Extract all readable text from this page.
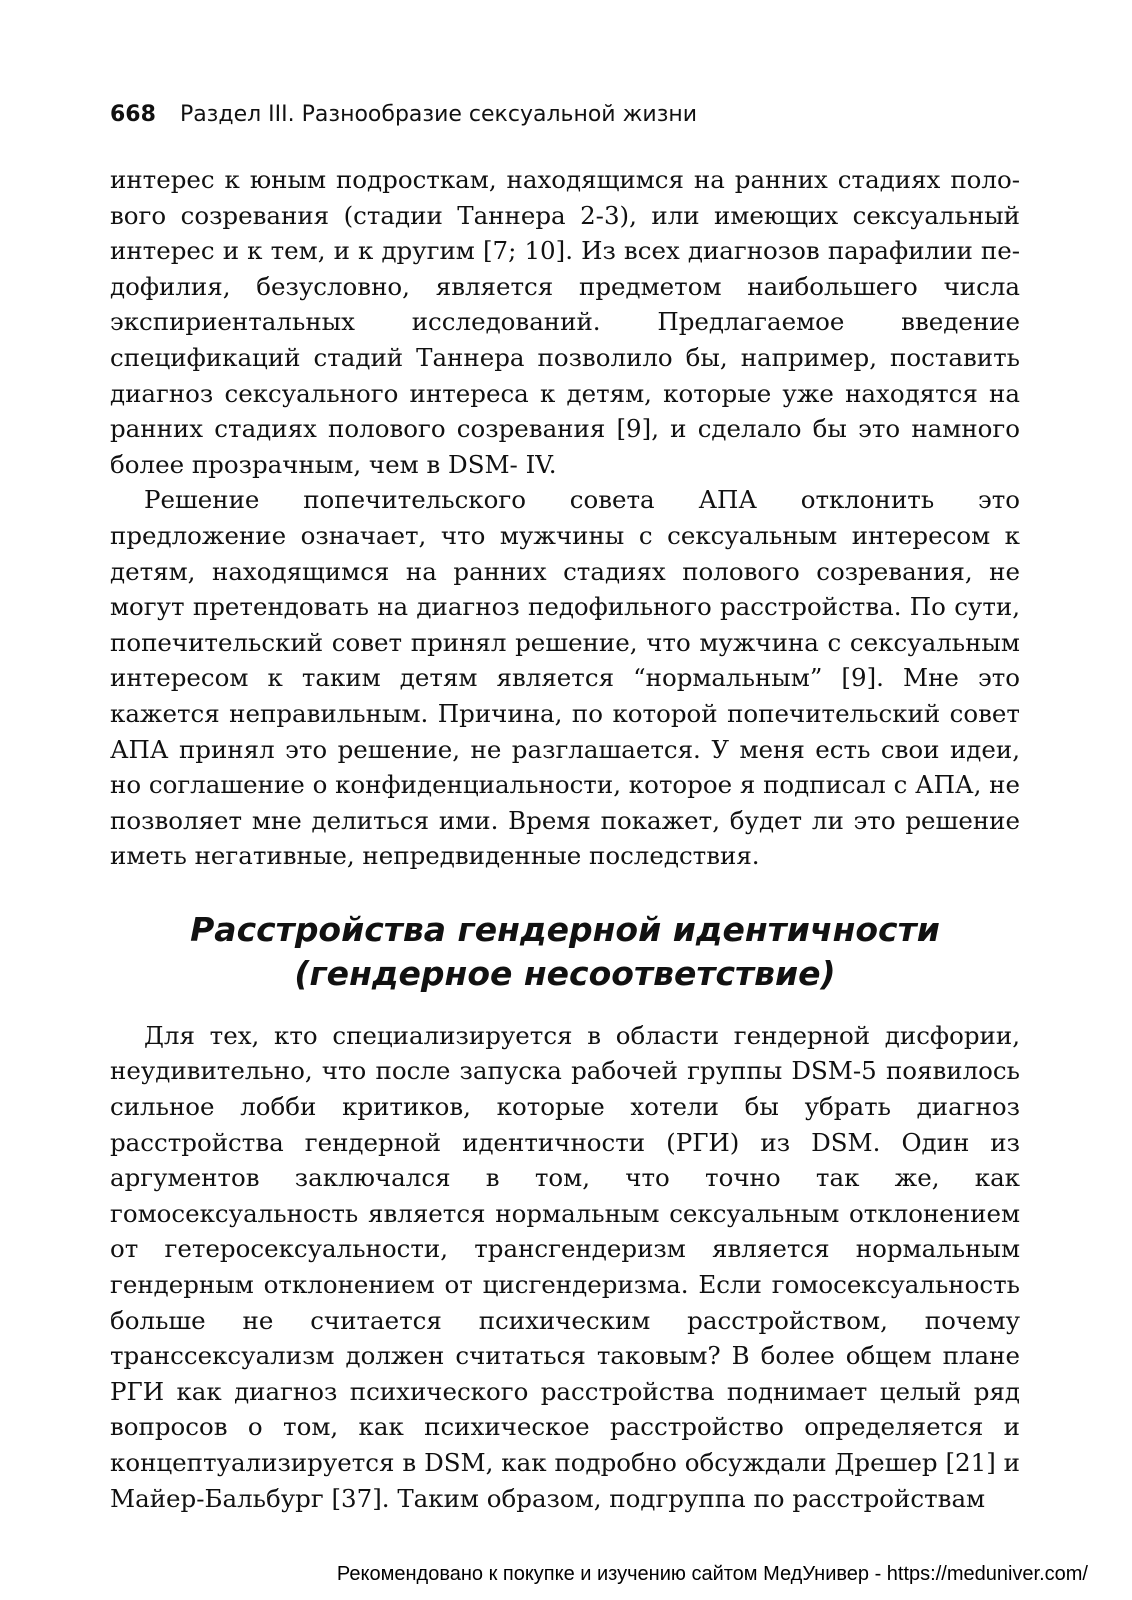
668 Раздел III. Разнообразие сексуальной жизни

интерес к юным подросткам, находящимся на ранних стадиях полового созревания (стадии Таннера 2-3), или имеющих сексуальный интерес и к тем, и к другим [7; 10]. Из всех диагнозов парафилии педофилия, безусловно, является предметом наибольшего числа экспириентальных исследований. Предлагаемое введение спецификаций стадий Таннера позволило бы, например, поставить диагноз сексуального интереса к детям, которые уже находятся на ранних стадиях полового созревания [9], и сделало бы это намного более прозрачным, чем в DSM- IV.

Решение попечительского совета АПА отклонить это предложение означает, что мужчины с сексуальным интересом к детям, находящимся на ранних стадиях полового созревания, не могут претендовать на диагноз педофильного расстройства. По сути, попечительский совет принял решение, что мужчина с сексуальным интересом к таким детям является “нормальным” [9]. Мне это кажется неправильным. Причина, по которой попечительский совет АПА принял это решение, не разглашается. У меня есть свои идеи, но соглашение о конфиденциальности, которое я подписал с АПА, не позволяет мне делиться ими. Время покажет, будет ли это решение иметь негативные, непредвиденные последствия.

Расстройства гендерной идентичности
(гендерное несоответствие)

Для тех, кто специализируется в области гендерной дисфории, неудивительно, что после запуска рабочей группы DSM-5 появилось сильное лобби критиков, которые хотели бы убрать диагноз расстройства гендерной идентичности (РГИ) из DSM. Один из аргументов заключался в том, что точно так же, как гомосексуальность является нормальным сексуальным отклонением от гетеросексуальности, трансгендеризм является нормальным гендерным отклонением от цисгендеризма. Если гомосексуальность больше не считается психическим расстройством, почему транссексуализм должен считаться таковым? В более общем плане РГИ как диагноз психического расстройства поднимает целый ряд вопросов о том, как психическое расстройство определяется и концептуализируется в DSM, как подробно обсуждали Дрешер [21] и Майер-Бальбург [37]. Таким образом, подгруппа по расстройствам

Рекомендовано к покупке и изучению сайтом МедУнивер - https://meduniver.com/
